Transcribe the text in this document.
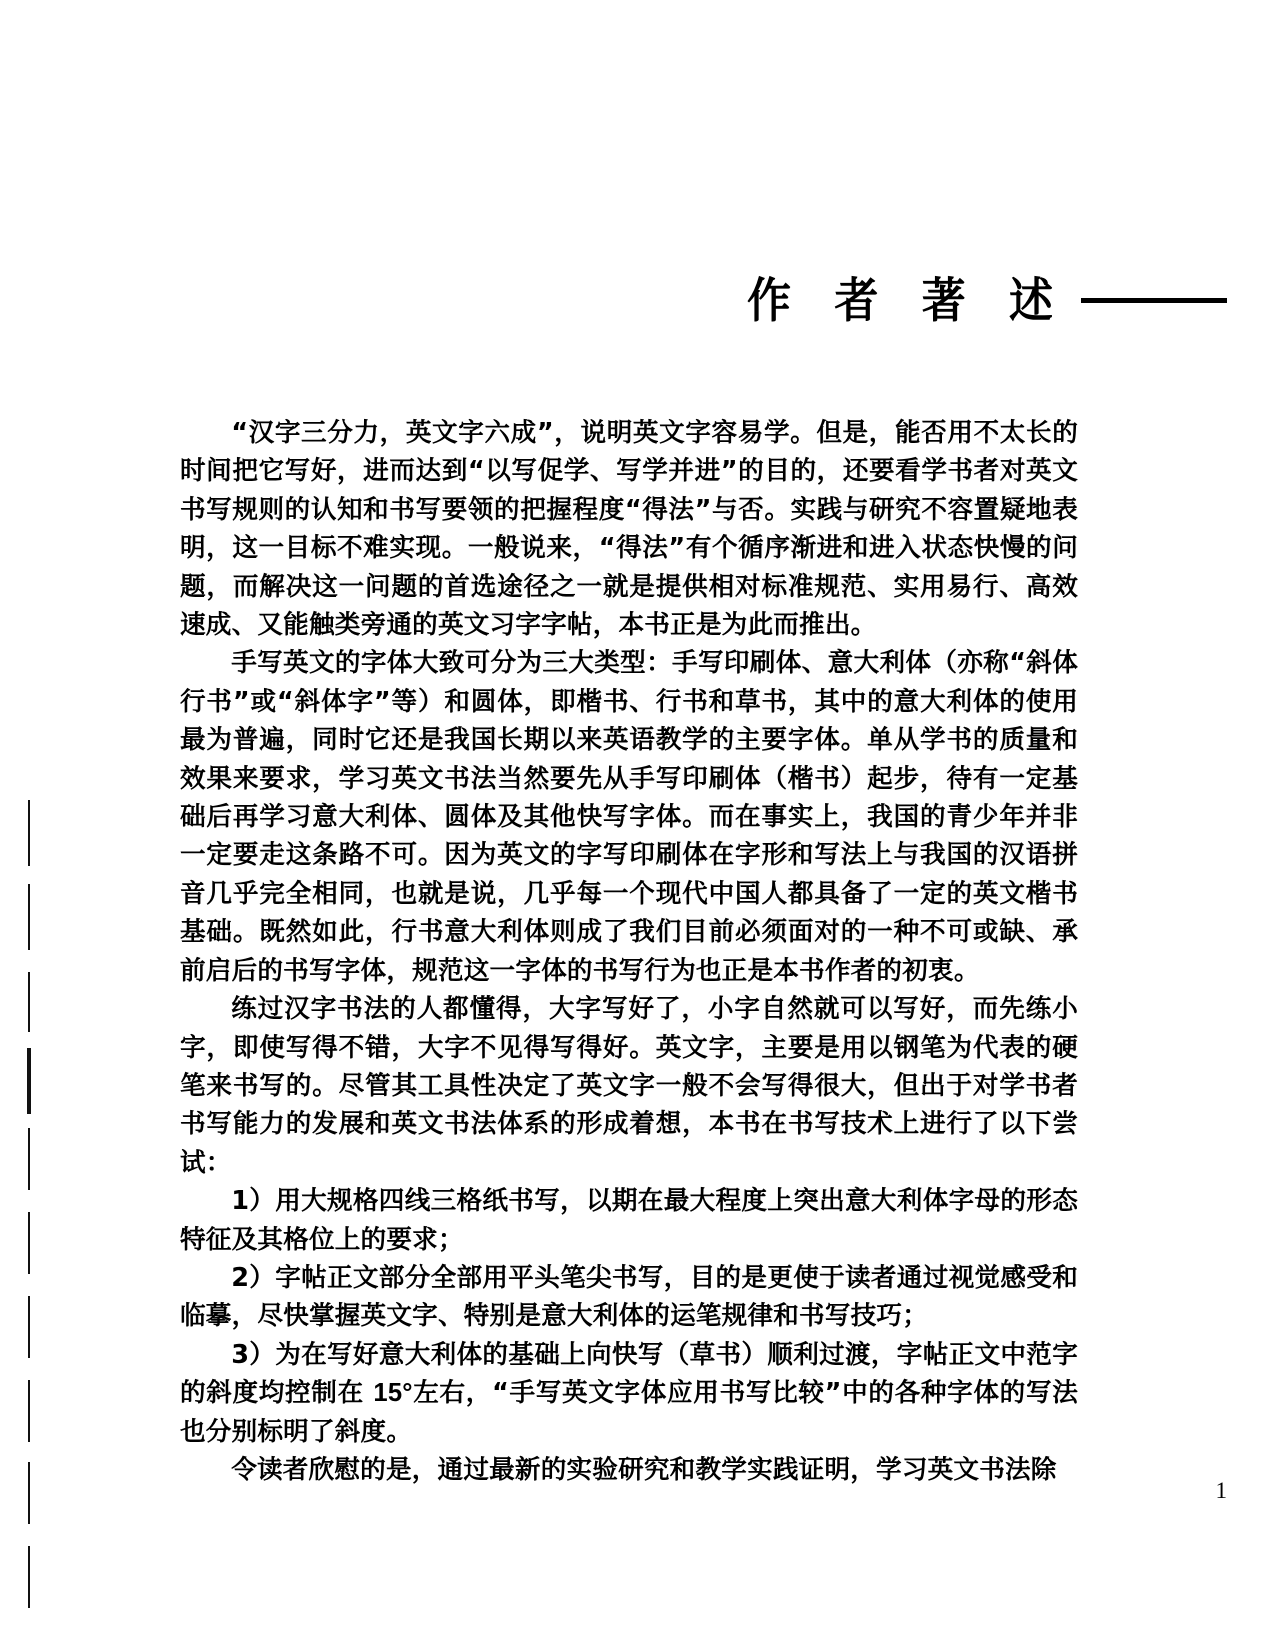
作 者 著 述

“汉字三分力，英文字六成”，说明英文字容易学。但是，能否用不太长的时间把它写好，进而达到“以写促学、写学并进”的目的，还要看学书者对英文书写规则的认知和书写要领的把握程度“得法”与否。实践与研究不容置疑地表明，这一目标不难实现。一般说来，“得法”有个循序渐进和进入状态快慢的问题，而解决这一问题的首选途径之一就是提供相对标准规范、实用易行、高效速成、又能触类旁通的英文习字字帖，本书正是为此而推出。

手写英文的字体大致可分为三大类型：手写印刷体、意大利体（亦称“斜体行书”或“斜体字”等）和圆体，即楷书、行书和草书，其中的意大利体的使用最为普遍，同时它还是我国长期以来英语教学的主要字体。单从学书的质量和效果来要求，学习英文书法当然要先从手写印刷体（楷书）起步，待有一定基础后再学习意大利体、圆体及其他快写字体。而在事实上，我国的青少年并非一定要走这条路不可。因为英文的字写印刷体在字形和写法上与我国的汉语拼音几乎完全相同，也就是说，几乎每一个现代中国人都具备了一定的英文楷书基础。既然如此，行书意大利体则成了我们目前必须面对的一种不可或缺、承前启后的书写字体，规范这一字体的书写行为也正是本书作者的初衷。

练过汉字书法的人都懂得，大字写好了，小字自然就可以写好，而先练小字，即使写得不错，大字不见得写得好。英文字，主要是用以钢笔为代表的硬笔来书写的。尽管其工具性决定了英文字一般不会写得很大，但出于对学书者书写能力的发展和英文书法体系的形成着想，本书在书写技术上进行了以下尝试：

1）用大规格四线三格纸书写，以期在最大程度上突出意大利体字母的形态特征及其格位上的要求；

2）字帖正文部分全部用平头笔尖书写，目的是更使于读者通过视觉感受和临摹，尽快掌握英文字、特别是意大利体的运笔规律和书写技巧；

3）为在写好意大利体的基础上向快写（草书）顺利过渡，字帖正文中范字的斜度均控制在 15°左右，“手写英文字体应用书写比较”中的各种字体的写法也分别标明了斜度。

令读者欣慰的是，通过最新的实验研究和教学实践证明，学习英文书法除

1
